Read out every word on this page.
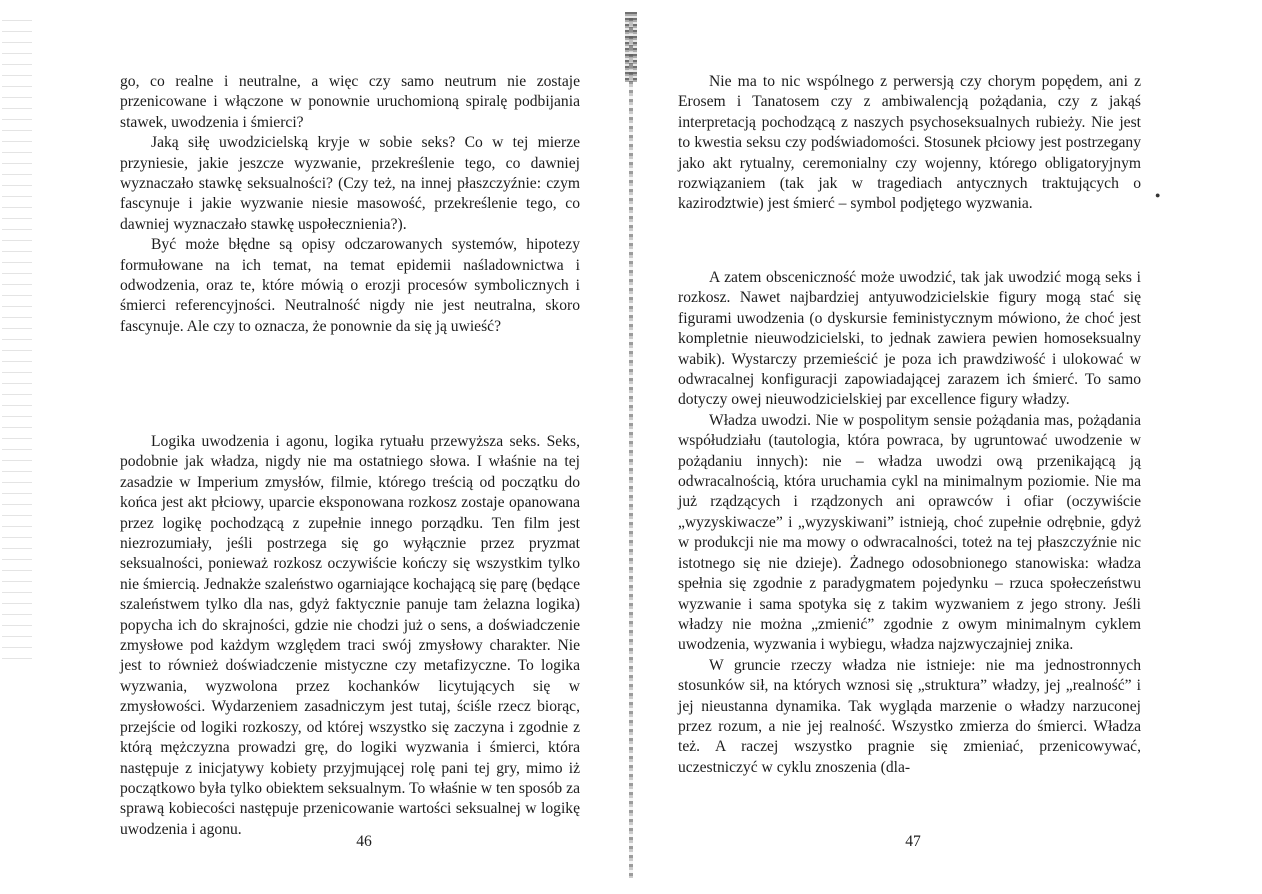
go, co realne i neutralne, a więc czy samo neutrum nie zostaje przenicowane i włączone w ponownie uruchomioną spiralę podbijania stawek, uwodzenia i śmierci?

Jaką siłę uwodzicielską kryje w sobie seks? Co w tej mierze przyniesie, jakie jeszcze wyzwanie, przekreślenie tego, co dawniej wyznaczało stawkę seksualności? (Czy też, na innej płaszczyźnie: czym fascynuje i jakie wyzwanie niesie masowość, przekreślenie tego, co dawniej wyznaczało stawkę uspołecznienia?).

Być może błędne są opisy odczarowanych systemów, hipotezy formułowane na ich temat, na temat epidemii naśladownictwa i odwodzenia, oraz te, które mówią o erozji procesów symbolicznych i śmierci referencyjności. Neutralność nigdy nie jest neutralna, skoro fascynuje. Ale czy to oznacza, że ponownie da się ją uwieść?

Logika uwodzenia i agonu, logika rytuału przewyższa seks. Seks, podobnie jak władza, nigdy nie ma ostatniego słowa. I właśnie na tej zasadzie w Imperium zmysłów, filmie, którego treścią od początku do końca jest akt płciowy, uparcie eksponowana rozkosz zostaje opanowana przez logikę pochodzącą z zupełnie innego porządku. Ten film jest niezrozumiały, jeśli postrzega się go wyłącznie przez pryzmat seksualności, ponieważ rozkosz oczywiście kończy się wszystkim tylko nie śmiercią. Jednakże szaleństwo ogarniające kochającą się parę (będące szaleństwem tylko dla nas, gdyż faktycznie panuje tam żelazna logika) popycha ich do skrajności, gdzie nie chodzi już o sens, a doświadczenie zmysłowe pod każdym względem traci swój zmysłowy charakter. Nie jest to również doświadczenie mistyczne czy metafizyczne. To logika wyzwania, wyzwolona przez kochanków licytujących się w zmysłowości. Wydarzeniem zasadniczym jest tutaj, ściśle rzecz biorąc, przejście od logiki rozkoszy, od której wszystko się zaczyna i zgodnie z którą mężczyzna prowadzi grę, do logiki wyzwania i śmierci, która następuje z inicjatywy kobiety przyjmującej rolę pani tej gry, mimo iż początkowo była tylko obiektem seksualnym. To właśnie w ten sposób za sprawą kobiecości następuje przenicowanie wartości seksualnej w logikę uwodzenia i agonu.

46

Nie ma to nic wspólnego z perwersją czy chorym popędem, ani z Erosem i Tanatosem czy z ambiwalencją pożądania, czy z jakąś interpretacją pochodzącą z naszych psychoseksualnych rubieży. Nie jest to kwestia seksu czy podświadomości. Stosunek płciowy jest postrzegany jako akt rytualny, ceremonialny czy wojenny, którego obligatoryjnym rozwiązaniem (tak jak w tragediach antycznych traktujących o kazirodztwie) jest śmierć – symbol podjętego wyzwania.

●

A zatem obsceniczność może uwodzić, tak jak uwodzić mogą seks i rozkosz. Nawet najbardziej antyuwodzicielskie figury mogą stać się figurami uwodzenia (o dyskursie feministycznym mówiono, że choć jest kompletnie nieuwodzicielski, to jednak zawiera pewien homoseksualny wabik). Wystarczy przemieścić je poza ich prawdziwość i ulokować w odwracalnej konfiguracji zapowiadającej zarazem ich śmierć. To samo dotyczy owej nieuwodzicielskiej par excellence figury władzy.

Władza uwodzi. Nie w pospolitym sensie pożądania mas, pożądania współudziału (tautologia, która powraca, by ugruntować uwodzenie w pożądaniu innych): nie – władza uwodzi ową przenikającą ją odwracalnością, która uruchamia cykl na minimalnym poziomie. Nie ma już rządzących i rządzonych ani oprawców i ofiar (oczywiście „wyzyskiwacze” i „wyzyskiwani” istnieją, choć zupełnie odrębnie, gdyż w produkcji nie ma mowy o odwracalności, toteż na tej płaszczyźnie nic istotnego się nie dzieje). Żadnego odosobnionego stanowiska: władza spełnia się zgodnie z paradygmatem pojedynku – rzuca społeczeństwu wyzwanie i sama spotyka się z takim wyzwaniem z jego strony. Jeśli władzy nie można „zmienić” zgodnie z owym minimalnym cyklem uwodzenia, wyzwania i wybiegu, władza najzwyczajniej znika.

W gruncie rzeczy władza nie istnieje: nie ma jednostronnych stosunków sił, na których wznosi się „struktura” władzy, jej „realność” i jej nieustanna dynamika. Tak wygląda marzenie o władzy narzuconej przez rozum, a nie jej realność. Wszystko zmierza do śmierci. Władza też. A raczej wszystko pragnie się zmieniać, przenicowywać, uczestniczyć w cyklu znoszenia (dla-

47
